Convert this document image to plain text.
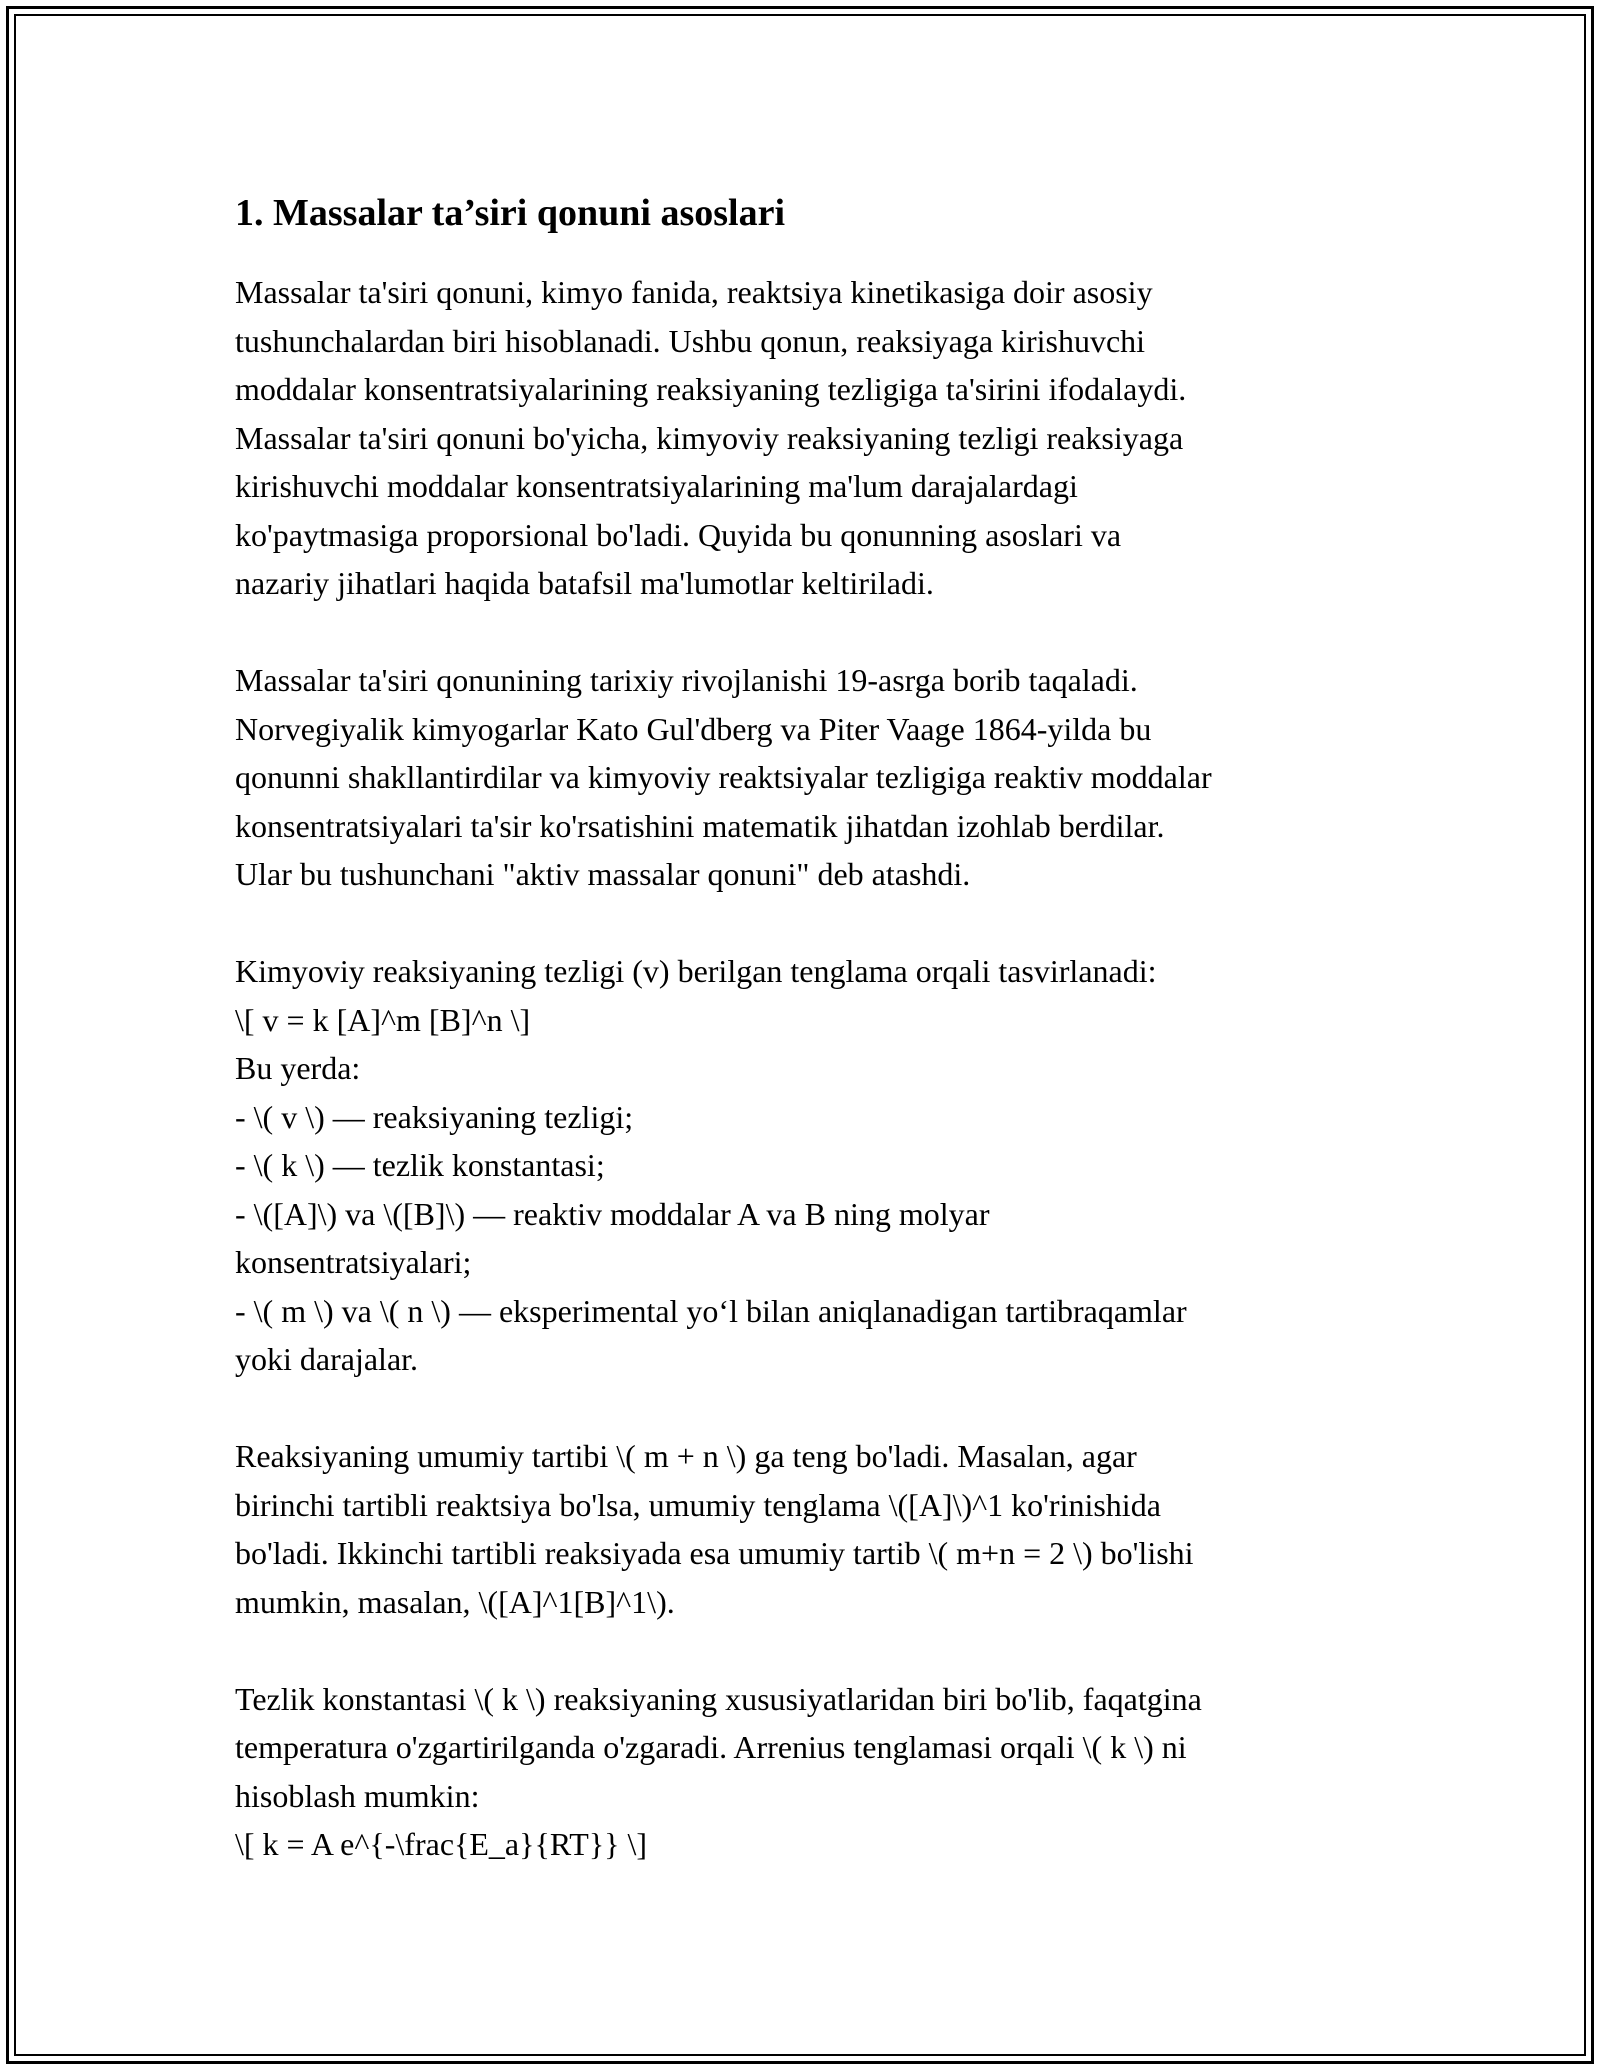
1. Massalar ta’siri qonuni asoslari
Massalar ta'siri qonuni, kimyo fanida, reaktsiya kinetikasiga doir asosiy
tushunchalardan biri hisoblanadi. Ushbu qonun, reaksiyaga kirishuvchi
moddalar konsentratsiyalarining reaksiyaning tezligiga ta'sirini ifodalaydi.
Massalar ta'siri qonuni bo'yicha, kimyoviy reaksiyaning tezligi reaksiyaga
kirishuvchi moddalar konsentratsiyalarining ma'lum darajalardagi
ko'paytmasiga proporsional bo'ladi. Quyida bu qonunning asoslari va
nazariy jihatlari haqida batafsil ma'lumotlar keltiriladi.
Massalar ta'siri qonunining tarixiy rivojlanishi 19-asrga borib taqaladi.
Norvegiyalik kimyogarlar Kato Gul'dberg va Piter Vaage 1864-yilda bu
qonunni shakllantirdilar va kimyoviy reaktsiyalar tezligiga reaktiv moddalar
konsentratsiyalari ta'sir ko'rsatishini matematik jihatdan izohlab berdilar.
Ular bu tushunchani "aktiv massalar qonuni" deb atashdi.
Kimyoviy reaksiyaning tezligi (v) berilgan tenglama orqali tasvirlanadi:
\[ v = k [A]^m [B]^n \]
Bu yerda:
- \( v \) — reaksiyaning tezligi;
- \( k \) — tezlik konstantasi;
- \([A]\) va \([B]\) — reaktiv moddalar A va B ning molyar
konsentratsiyalari;
- \( m \) va \( n \) — eksperimental yo‘l bilan aniqlanadigan tartibraqamlar
yoki darajalar.
Reaksiyaning umumiy tartibi \( m + n \) ga teng bo'ladi. Masalan, agar
birinchi tartibli reaktsiya bo'lsa, umumiy tenglama \([A]\)^1 ko'rinishida
bo'ladi. Ikkinchi tartibli reaksiyada esa umumiy tartib \( m+n = 2 \) bo'lishi
mumkin, masalan, \([A]^1[B]^1\).
Tezlik konstantasi \( k \) reaksiyaning xususiyatlaridan biri bo'lib, faqatgina
temperatura o'zgartirilganda o'zgaradi. Arrenius tenglamasi orqali \( k \) ni
hisoblash mumkin:
\[ k = A e^{-\frac{E_a}{RT}} \]
